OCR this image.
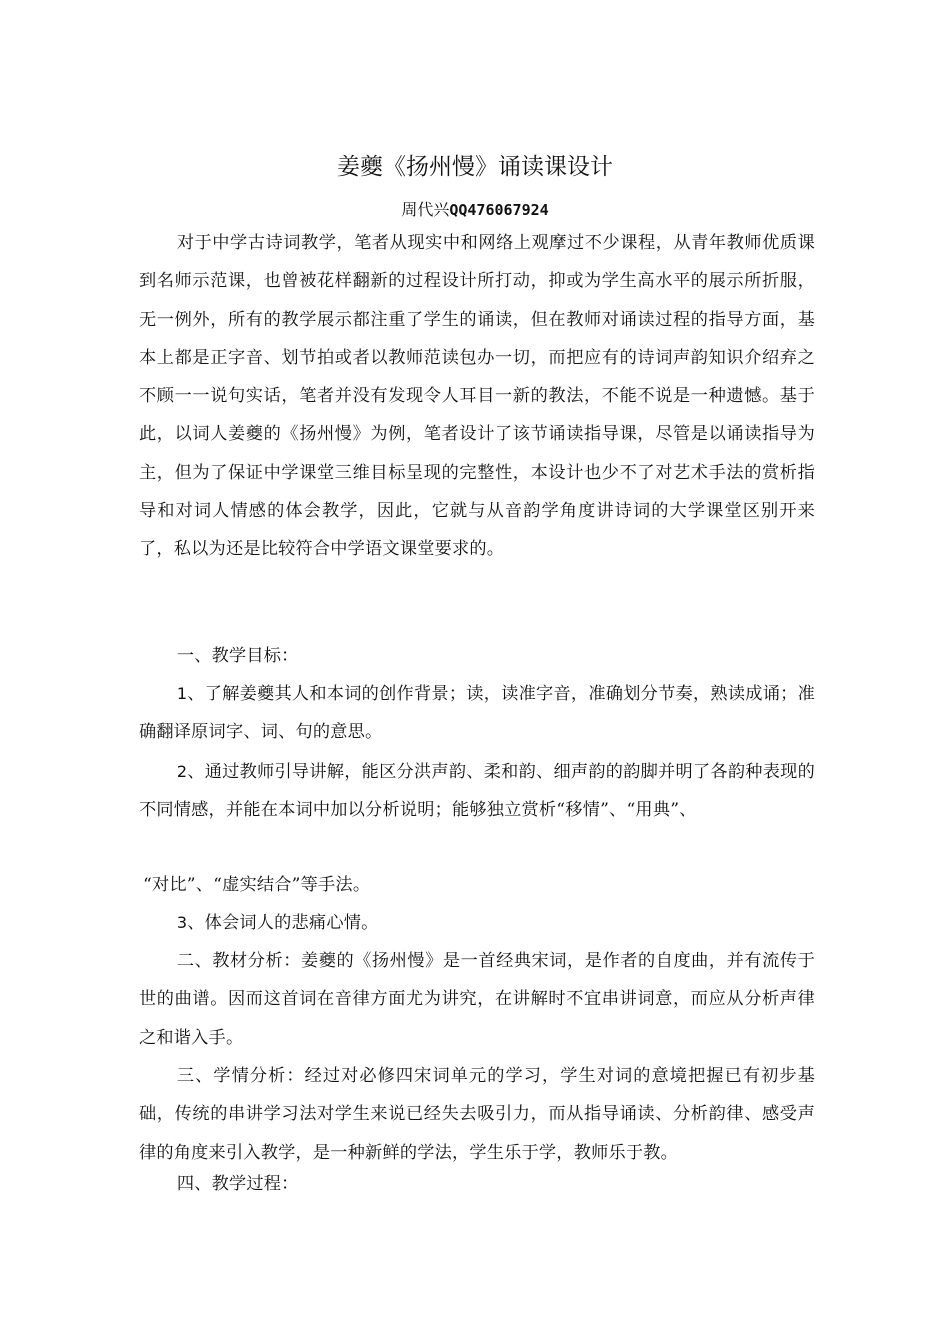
姜夔《扬州慢》诵读课设计
周代兴QQ476067924

对于中学古诗词教学，笔者从现实中和网络上观摩过不少课程，从青年教师优质课到名师示范课，也曾被花样翻新的过程设计所打动，抑或为学生高水平的展示所折服，无一例外，所有的教学展示都注重了学生的诵读，但在教师对诵读过程的指导方面，基本上都是正字音、划节拍或者以教师范读包办一切，而把应有的诗词声韵知识介绍弃之不顾一一说句实话，笔者并没有发现令人耳目一新的教法，不能不说是一种遗憾。基于此，以词人姜夔的《扬州慢》为例，笔者设计了该节诵读指导课，尽管是以诵读指导为主，但为了保证中学课堂三维目标呈现的完整性，本设计也少不了对艺术手法的赏析指导和对词人情感的体会教学，因此，它就与从音韵学角度讲诗词的大学课堂区别开来了，私以为还是比较符合中学语文课堂要求的。

一、教学目标：

1、了解姜夔其人和本词的创作背景；读，读准字音，准确划分节奏，熟读成诵；准确翻译原词字、词、句的意思。

2、通过教师引导讲解，能区分洪声韵、柔和韵、细声韵的韵脚并明了各韵种表现的不同情感，并能在本词中加以分析说明；能够独立赏析“移情”、“用典”、

“对比”、“虚实结合”等手法。

3、体会词人的悲痛心情。

二、教材分析：姜夔的《扬州慢》是一首经典宋词，是作者的自度曲，并有流传于世的曲谱。因而这首词在音律方面尤为讲究，在讲解时不宜串讲词意，而应从分析声律之和谐入手。

三、学情分析：经过对必修四宋词单元的学习，学生对词的意境把握已有初步基础，传统的串讲学习法对学生来说已经失去吸引力，而从指导诵读、分析韵律、感受声律的角度来引入教学，是一种新鲜的学法，学生乐于学，教师乐于教。

四、教学过程：
